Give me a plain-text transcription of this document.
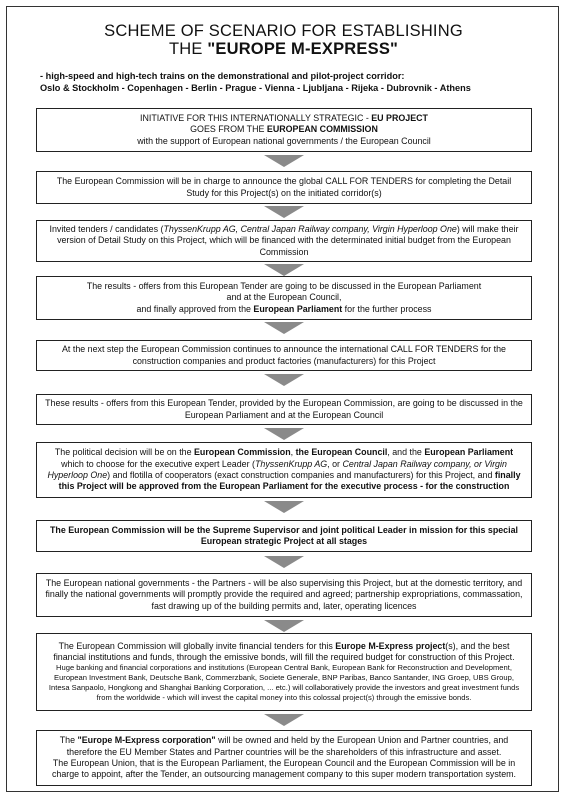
SCHEME OF SCENARIO FOR ESTABLISHING
THE "EUROPE M-EXPRESS"
- high-speed and high-tech trains on the demonstrational and pilot-project corridor:
Oslo & Stockholm - Copenhagen - Berlin - Prague - Vienna - Ljubljana - Rijeka - Dubrovnik - Athens
INITIATIVE FOR THIS INTERNATIONALLY STRATEGIC - EU PROJECT
GOES FROM THE EUROPEAN COMMISSION
with the support of European national governments / the European Council
The European Commission will be in charge to announce the global CALL FOR TENDERS for completing the Detail Study for this Project(s) on the initiated corridor(s)
Invited tenders / candidates (ThyssenKrupp AG, Central Japan Railway company, Virgin Hyperloop One) will make their version of Detail Study on this Project, which will be financed with the determinated initial budget from the European Commission
The results - offers from this European Tender are going to be discussed in the European Parliament
and at the European Council,
and finally approved from the European Parliament for the further process
At the next step the European Commission continues to announce the international CALL FOR TENDERS for the construction companies and product factories (manufacturers) for this Project
These results - offers from this European Tender, provided by the European Commission, are going to be discussed in the European Parliament and at the European Council
The political decision will be on the European Commission, the European Council, and the European Parliament which to choose for the executive expert Leader (ThyssenKrupp AG, or Central Japan Railway company, or Virgin Hyperloop One) and flotilla of cooperators (exact construction companies and manufacturers) for this Project, and finally this Project will be approved from the European Parliament for the executive process - for the construction
The European Commission will be the Supreme Supervisor and joint political Leader in mission for this special European strategic Project at all stages
The European national governments - the Partners - will be also supervising this Project, but at the domestic territory, and finally the national governments will promptly provide the required and agreed; partnership expropriations, commassation, fast drawing up of the building permits and, later, operating licences
The European Commission will globally invite financial tenders for this Europe M-Express project(s), and the best financial institutions and funds, through the emissive bonds, will fill the required budget for construction of this Project.
Huge banking and financial corporations and institutions (European Central Bank, European Bank for Reconstruction and Development, European Investment Bank, Deutsche Bank, Commerzbank, Societe Generale, BNP Paribas, Banco Santander, ING Groep, UBS Group, Intesa Sanpaolo, Hongkong and Shanghai Banking Corporation, ... etc.) will collaboratively provide the investors and great investment funds from the worldwide - which will invest the capital money into this colossal project(s) through the emissive bonds.
The "Europe M-Express corporation" will be owned and held by the European Union and Partner countries, and therefore the EU Member States and Partner countries will be the shareholders of this infrastructure and asset.
The European Union, that is the European Parliament, the European Council and the European Commission will be in charge to appoint, after the Tender, an outsourcing management company to this super modern transportation system.
